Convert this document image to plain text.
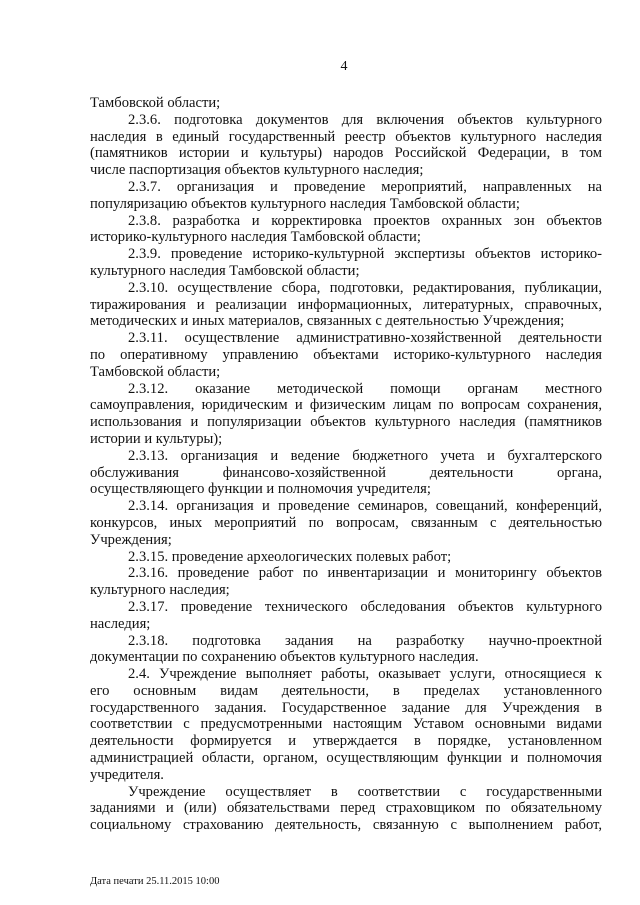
4

Тамбовской области;

2.3.6. подготовка документов для включения объектов культурного
наследия в единый государственный реестр объектов культурного наследия
(памятников истории и культуры) народов Российской Федерации, в том
числе паспортизация объектов культурного наследия;

2.3.7. организация и проведение мероприятий, направленных на
популяризацию объектов культурного наследия Тамбовской области;

2.3.8. разработка и корректировка проектов охранных зон объектов
историко-культурного наследия Тамбовской области;

2.3.9. проведение историко-культурной экспертизы объектов историко-
культурного наследия Тамбовской области;

2.3.10. осуществление сбора, подготовки, редактирования, публикации,
тиражирования и реализации информационных, литературных, справочных,
методических и иных материалов, связанных с деятельностью Учреждения;

2.3.11. осуществление административно-хозяйственной деятельности
по оперативному управлению объектами историко-культурного наследия
Тамбовской области;

2.3.12. оказание методической помощи органам местного
самоуправления, юридическим и физическим лицам по вопросам сохранения,
использования и популяризации объектов культурного наследия (памятников
истории и культуры);

2.3.13. организация и ведение бюджетного учета и бухгалтерского
обслуживания финансово-хозяйственной деятельности органа,
осуществляющего функции и полномочия учредителя;

2.3.14. организация и проведение семинаров, совещаний, конференций,
конкурсов, иных мероприятий по вопросам, связанным с деятельностью
Учреждения;

2.3.15. проведение археологических полевых работ;

2.3.16. проведение работ по инвентаризации и мониторингу объектов
культурного наследия;

2.3.17. проведение технического обследования объектов культурного
наследия;

2.3.18. подготовка задания на разработку научно-проектной
документации по сохранению объектов культурного наследия.

2.4. Учреждение выполняет работы, оказывает услуги, относящиеся к
его основным видам деятельности, в пределах установленного
государственного задания. Государственное задание для Учреждения в
соответствии с предусмотренными настоящим Уставом основными видами
деятельности формируется и утверждается в порядке, установленном
администрацией области, органом, осуществляющим функции и полномочия
учредителя.

Учреждение осуществляет в соответствии с государственными
заданиями и (или) обязательствами перед страховщиком по обязательному
социальному страхованию деятельность, связанную с выполнением работ,

Дата печати 25.11.2015 10:00
